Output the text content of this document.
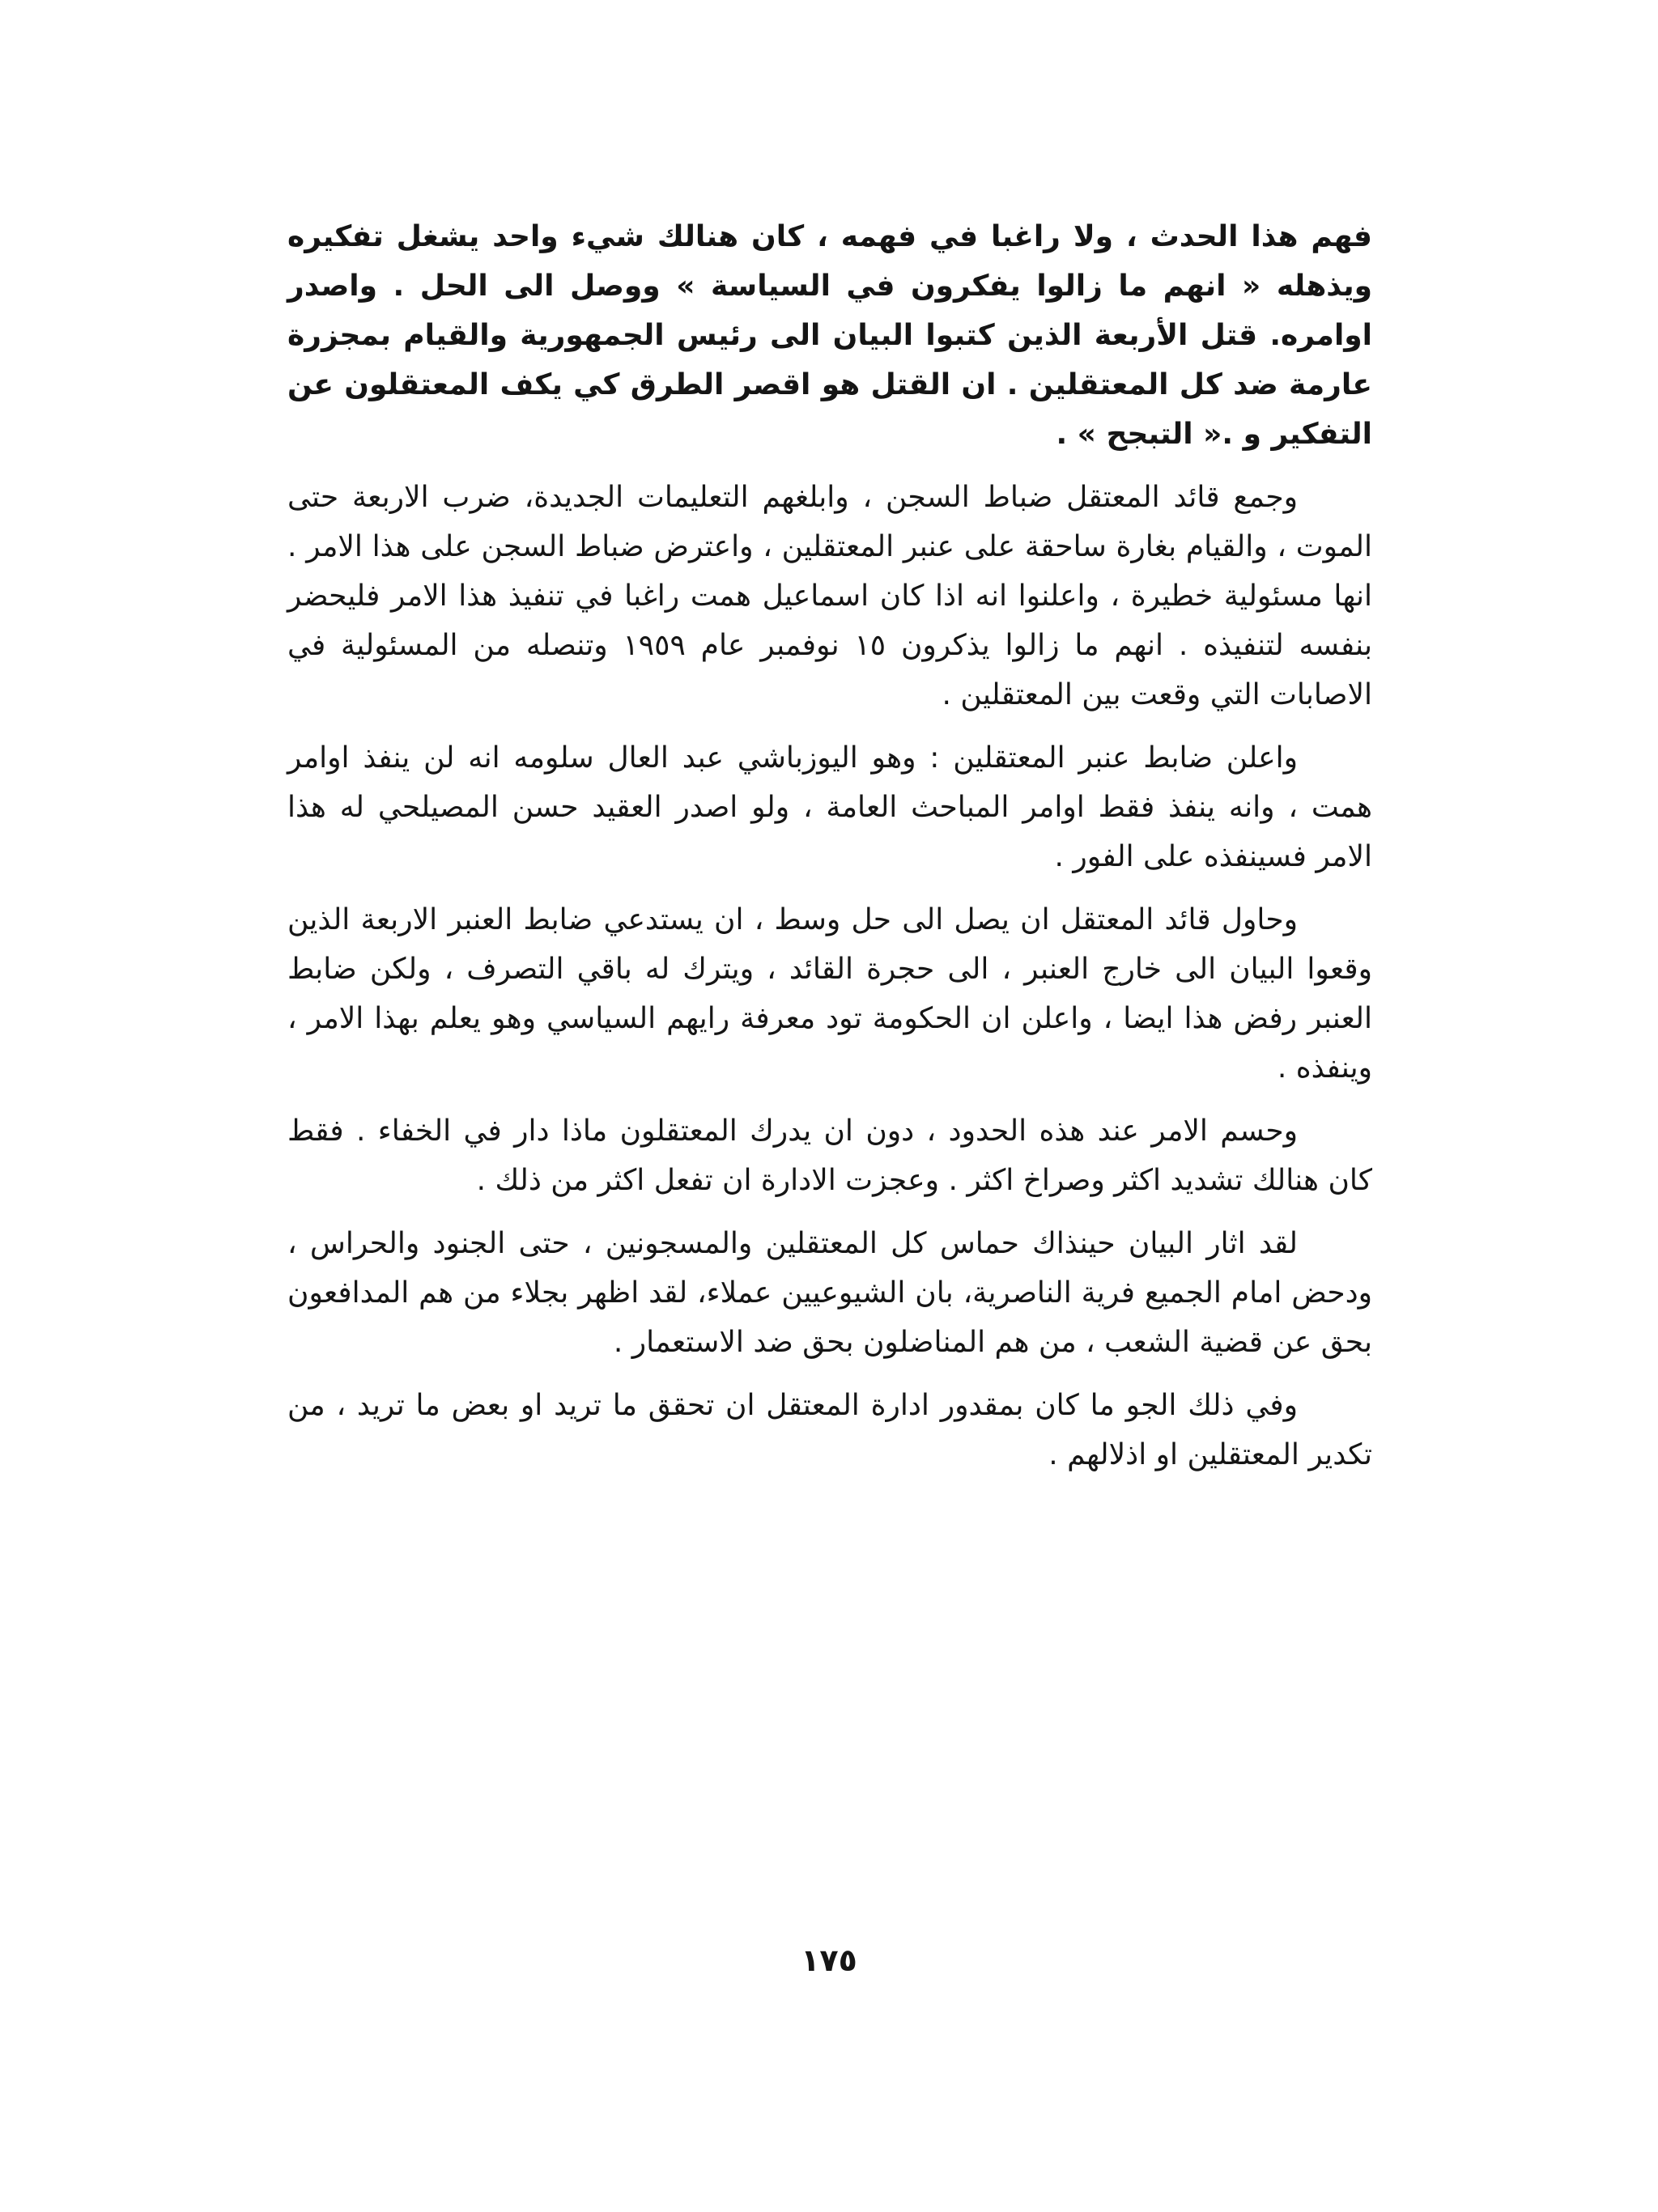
فهم هذا الحدث ، ولا راغبا في فهمه ، كان هنالك شيء واحد يشغل تفكيره ويذهله « انهم ما زالوا يفكرون في السياسة » ووصل الى الحل . واصدر اوامره. قتل الأربعة الذين كتبوا البيان الى رئيس الجمهورية والقيام بمجزرة عارمة ضد كل المعتقلين . ان القتل هو اقصر الطرق كي يكف المعتقلون عن التفكير و .« التبجح » .

وجمع قائد المعتقل ضباط السجن ، وابلغهم التعليمات الجديدة، ضرب الاربعة حتى الموت ، والقيام بغارة ساحقة على عنبر المعتقلين ، واعترض ضباط السجن على هذا الامر . انها مسئولية خطيرة ، واعلنوا انه اذا كان اسماعيل همت راغبا في تنفيذ هذا الامر فليحضر بنفسه لتنفيذه . انهم ما زالوا يذكرون ١٥ نوفمبر عام ١٩٥٩ وتنصله من المسئولية في الاصابات التي وقعت بين المعتقلين .

واعلن ضابط عنبر المعتقلين : وهو اليوزباشي عبد العال سلومه انه لن ينفذ اوامر همت ، وانه ينفذ فقط اوامر المباحث العامة ، ولو اصدر العقيد حسن المصيلحي له هذا الامر فسينفذه على الفور .

وحاول قائد المعتقل ان يصل الى حل وسط ، ان يستدعي ضابط العنبر الاربعة الذين وقعوا البيان الى خارج العنبر ، الى حجرة القائد ، ويترك له باقي التصرف ، ولكن ضابط العنبر رفض هذا ايضا ، واعلن ان الحكومة تود معرفة رايهم السياسي وهو يعلم بهذا الامر ، وينفذه .

وحسم الامر عند هذه الحدود ، دون ان يدرك المعتقلون ماذا دار في الخفاء . فقط كان هنالك تشديد اكثر وصراخ اكثر . وعجزت الادارة ان تفعل اكثر من ذلك .

لقد اثار البيان حينذاك حماس كل المعتقلين والمسجونين ، حتى الجنود والحراس ، ودحض امام الجميع فرية الناصرية، بان الشيوعيين عملاء، لقد اظهر بجلاء من هم المدافعون بحق عن قضية الشعب ، من هم المناضلون بحق ضد الاستعمار .

وفي ذلك الجو ما كان بمقدور ادارة المعتقل ان تحقق ما تريد او بعض ما تريد ، من تكدير المعتقلين او اذلالهم .

١٧٥
